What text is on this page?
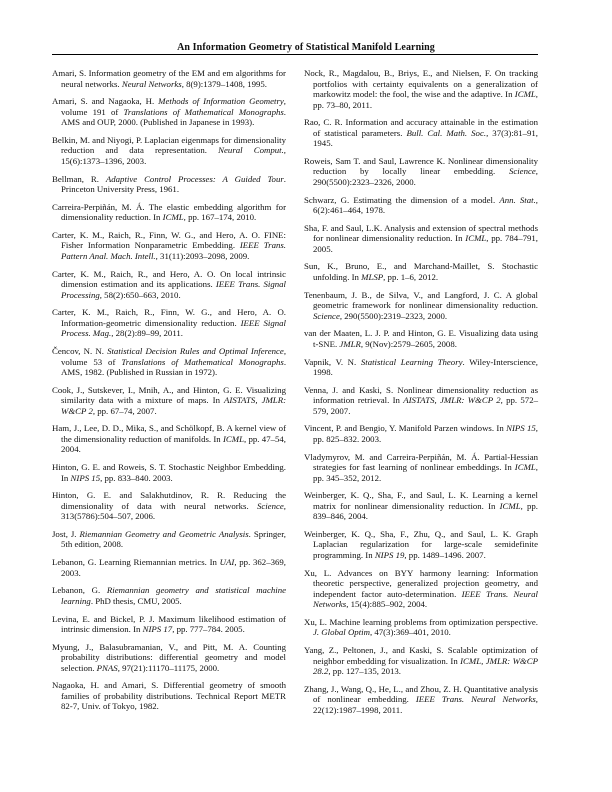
An Information Geometry of Statistical Manifold Learning

Amari, S. Information geometry of the EM and em algorithms for neural networks. Neural Networks, 8(9):1379–1408, 1995.

Amari, S. and Nagaoka, H. Methods of Information Geometry, volume 191 of Translations of Mathematical Monographs. AMS and OUP, 2000. (Published in Japanese in 1993).

Belkin, M. and Niyogi, P. Laplacian eigenmaps for dimensionality reduction and data representation. Neural Comput., 15(6):1373–1396, 2003.

Bellman, R. Adaptive Control Processes: A Guided Tour. Princeton University Press, 1961.

Carreira-Perpiñán, M. Á. The elastic embedding algorithm for dimensionality reduction. In ICML, pp. 167–174, 2010.

Carter, K. M., Raich, R., Finn, W. G., and Hero, A. O. FINE: Fisher Information Nonparametric Embedding. IEEE Trans. Pattern Anal. Mach. Intell., 31(11):2093–2098, 2009.

Carter, K. M., Raich, R., and Hero, A. O. On local intrinsic dimension estimation and its applications. IEEE Trans. Signal Processing, 58(2):650–663, 2010.

Carter, K. M., Raich, R., Finn, W. G., and Hero, A. O. Information-geometric dimensionality reduction. IEEE Signal Process. Mag., 28(2):89–99, 2011.

Čencov, N. N. Statistical Decision Rules and Optimal Inference, volume 53 of Translations of Mathematical Monographs. AMS, 1982. (Published in Russian in 1972).

Cook, J., Sutskever, I., Mnih, A., and Hinton, G. E. Visualizing similarity data with a mixture of maps. In AISTATS, JMLR: W&CP 2, pp. 67–74, 2007.

Ham, J., Lee, D. D., Mika, S., and Schölkopf, B. A kernel view of the dimensionality reduction of manifolds. In ICML, pp. 47–54, 2004.

Hinton, G. E. and Roweis, S. T. Stochastic Neighbor Embedding. In NIPS 15, pp. 833–840. 2003.

Hinton, G. E. and Salakhutdinov, R. R. Reducing the dimensionality of data with neural networks. Science, 313(5786):504–507, 2006.

Jost, J. Riemannian Geometry and Geometric Analysis. Springer, 5th edition, 2008.

Lebanon, G. Learning Riemannian metrics. In UAI, pp. 362–369, 2003.

Lebanon, G. Riemannian geometry and statistical machine learning. PhD thesis, CMU, 2005.

Levina, E. and Bickel, P. J. Maximum likelihood estimation of intrinsic dimension. In NIPS 17, pp. 777–784. 2005.

Myung, J., Balasubramanian, V., and Pitt, M. A. Counting probability distributions: differential geometry and model selection. PNAS, 97(21):11170–11175, 2000.

Nagaoka, H. and Amari, S. Differential geometry of smooth families of probability distributions. Technical Report METR 82-7, Univ. of Tokyo, 1982.

Nock, R., Magdalou, B., Briys, E., and Nielsen, F. On tracking portfolios with certainty equivalents on a generalization of markowitz model: the fool, the wise and the adaptive. In ICML, pp. 73–80, 2011.

Rao, C. R. Information and accuracy attainable in the estimation of statistical parameters. Bull. Cal. Math. Soc., 37(3):81–91, 1945.

Roweis, Sam T. and Saul, Lawrence K. Nonlinear dimensionality reduction by locally linear embedding. Science, 290(5500):2323–2326, 2000.

Schwarz, G. Estimating the dimension of a model. Ann. Stat., 6(2):461–464, 1978.

Sha, F. and Saul, L.K. Analysis and extension of spectral methods for nonlinear dimensionality reduction. In ICML, pp. 784–791, 2005.

Sun, K., Bruno, E., and Marchand-Maillet, S. Stochastic unfolding. In MLSP, pp. 1–6, 2012.

Tenenbaum, J. B., de Silva, V., and Langford, J. C. A global geometric framework for nonlinear dimensionality reduction. Science, 290(5500):2319–2323, 2000.

van der Maaten, L. J. P. and Hinton, G. E. Visualizing data using t-SNE. JMLR, 9(Nov):2579–2605, 2008.

Vapnik, V. N. Statistical Learning Theory. Wiley-Interscience, 1998.

Venna, J. and Kaski, S. Nonlinear dimensionality reduction as information retrieval. In AISTATS, JMLR: W&CP 2, pp. 572–579, 2007.

Vincent, P. and Bengio, Y. Manifold Parzen windows. In NIPS 15, pp. 825–832. 2003.

Vladymyrov, M. and Carreira-Perpiñán, M. Á. Partial-Hessian strategies for fast learning of nonlinear embeddings. In ICML, pp. 345–352, 2012.

Weinberger, K. Q., Sha, F., and Saul, L. K. Learning a kernel matrix for nonlinear dimensionality reduction. In ICML, pp. 839–846, 2004.

Weinberger, K. Q., Sha, F., Zhu, Q., and Saul, L. K. Graph Laplacian regularization for large-scale semidefinite programming. In NIPS 19, pp. 1489–1496. 2007.

Xu, L. Advances on BYY harmony learning: Information theoretic perspective, generalized projection geometry, and independent factor auto-determination. IEEE Trans. Neural Networks, 15(4):885–902, 2004.

Xu, L. Machine learning problems from optimization perspective. J. Global Optim, 47(3):369–401, 2010.

Yang, Z., Peltonen, J., and Kaski, S. Scalable optimization of neighbor embedding for visualization. In ICML, JMLR: W&CP 28.2, pp. 127–135, 2013.

Zhang, J., Wang, Q., He, L., and Zhou, Z. H. Quantitative analysis of nonlinear embedding. IEEE Trans. Neural Networks, 22(12):1987–1998, 2011.
